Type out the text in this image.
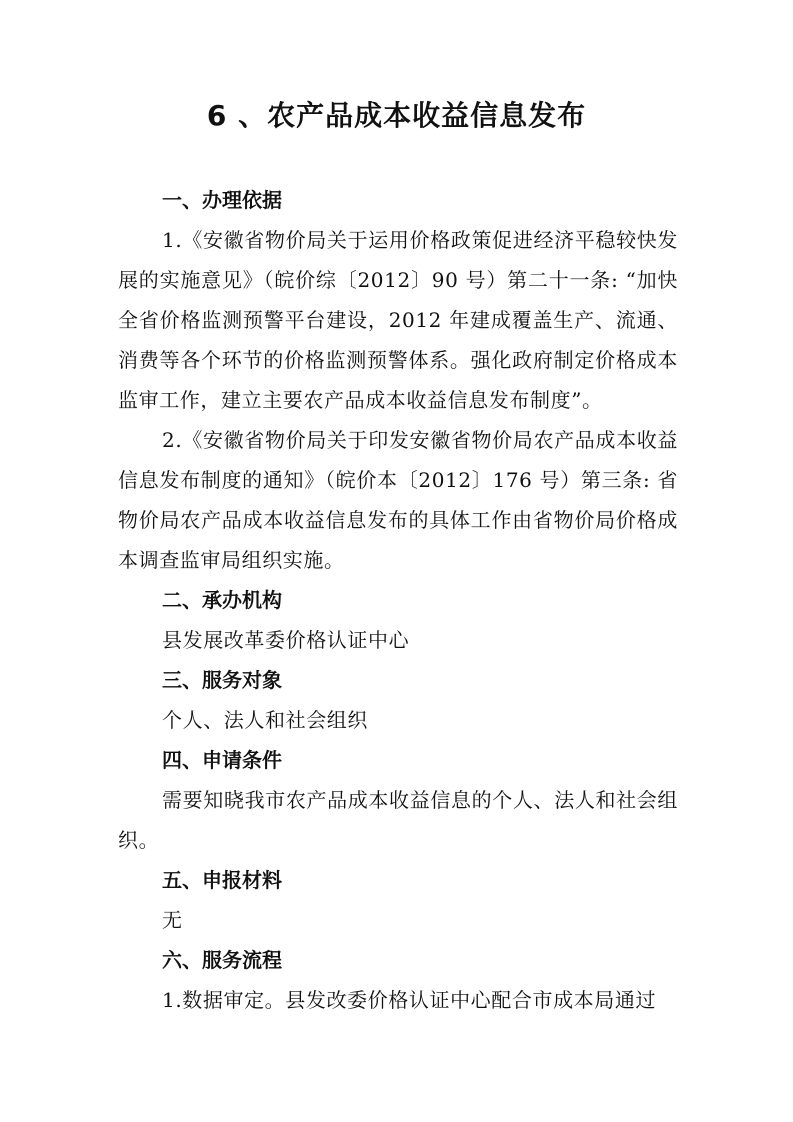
6 、农产品成本收益信息发布
一、办理依据

1.《安徽省物价局关于运用价格政策促进经济平稳较快发展的实施意见》（皖价综〔2012〕90 号）第二十一条: “加快全省价格监测预警平台建设，2012 年建成覆盖生产、流通、消费等各个环节的价格监测预警体系。强化政府制定价格成本监审工作，建立主要农产品成本收益信息发布制度”。

2.《安徽省物价局关于印发安徽省物价局农产品成本收益信息发布制度的通知》（皖价本〔2012〕176 号）第三条: 省物价局农产品成本收益信息发布的具体工作由省物价局价格成本调查监审局组织实施。

二、承办机构

县发展改革委价格认证中心

三、服务对象

个人、法人和社会组织

四、申请条件

需要知晓我市农产品成本收益信息的个人、法人和社会组织。

五、申报材料

无

六、服务流程

1.数据审定。县发改委价格认证中心配合市成本局通过
